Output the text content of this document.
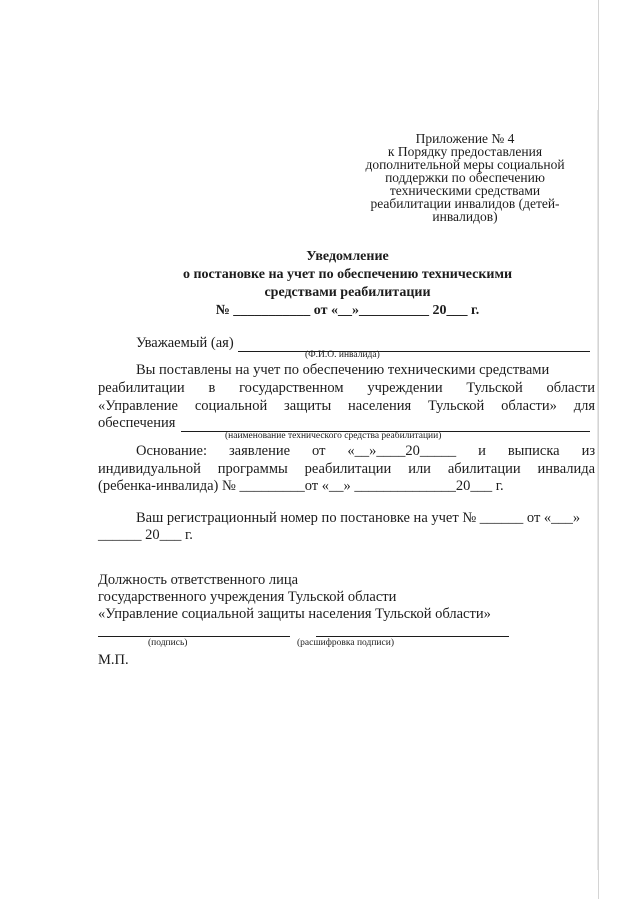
Приложение № 4
к Порядку предоставления
дополнительной меры социальной
поддержки по обеспечению
техническими средствами
реабилитации инвалидов (детей-
инвалидов)
Уведомление
о постановке на учет по обеспечению техническими
средствами реабилитации
№ ___________ от «__»__________ 20___ г.
Уважаемый (ая)
(Ф.И.О. инвалида)
Вы поставлены на учет по обеспечению техническими средствами
реабилитации в государственном учреждении Тульской области
«Управление социальной защиты населения Тульской области» для
обеспечения
(наименование технического средства реабилитации)
Основание: заявление от «__»____20_____ и выписка из
индивидуальной программы реабилитации или абилитации инвалида
(ребенка-инвалида) № _________от «__» ______________20___ г.
Ваш регистрационный номер по постановке на учет № ______ от «___»
______ 20___ г.
Должность ответственного лица
государственного учреждения Тульской области
«Управление социальной защиты населения Тульской области»
(подпись)	(расшифровка подписи)
М.П.
